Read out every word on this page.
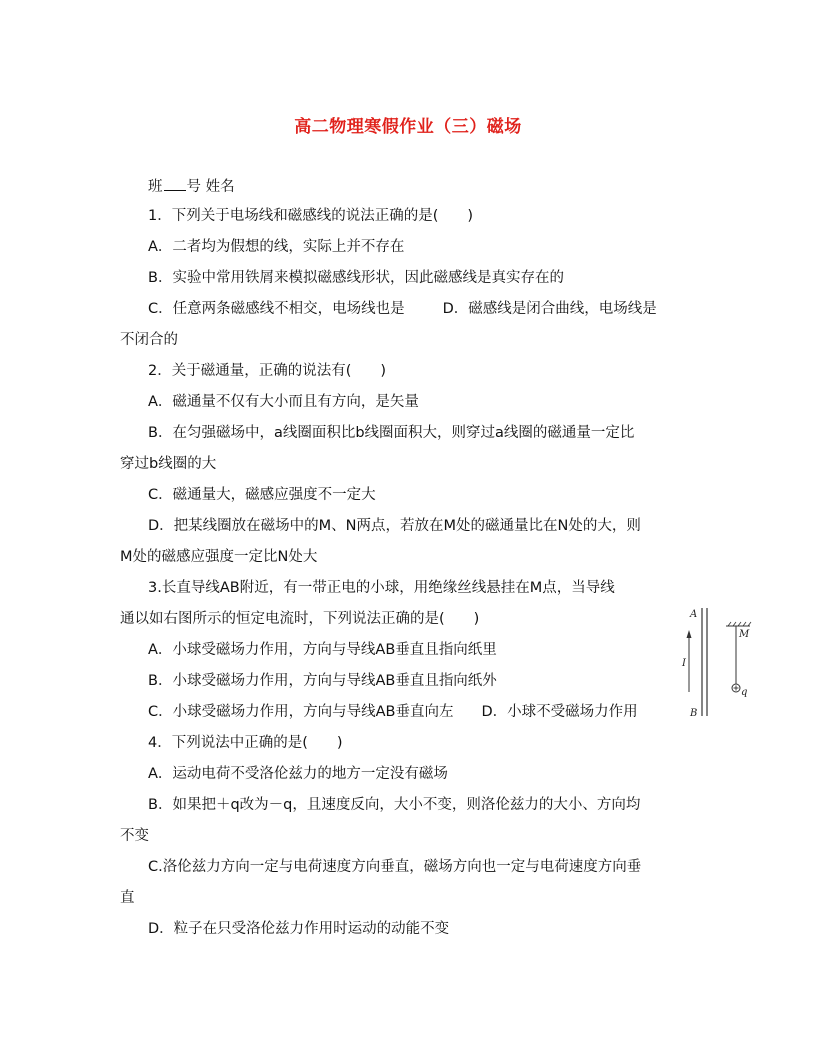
高二物理寒假作业（三）磁场
班 号 姓名
1．下列关于电场线和磁感线的说法正确的是(　　)
A．二者均为假想的线，实际上并不存在
B．实验中常用铁屑来模拟磁感线形状，因此磁感线是真实存在的
C．任意两条磁感线不相交，电场线也是	D．磁感线是闭合曲线，电场线是
不闭合的
2．关于磁通量，正确的说法有(　　)
A．磁通量不仅有大小而且有方向，是矢量
B．在匀强磁场中，a线圈面积比b线圈面积大，则穿过a线圈的磁通量一定比
穿过b线圈的大
C．磁通量大，磁感应强度不一定大
D．把某线圈放在磁场中的M、N两点，若放在M处的磁通量比在N处的大，则
M处的磁感应强度一定比N处大
3.长直导线AB附近，有一带正电的小球，用绝缘丝线悬挂在M点，当导线
通以如右图所示的恒定电流时，下列说法正确的是(　　)
A．小球受磁场力作用，方向与导线AB垂直且指向纸里
B．小球受磁场力作用，方向与导线AB垂直且指向纸外
C．小球受磁场力作用，方向与导线AB垂直向左 D．小球不受磁场力作用
A
B
I
M
q
4．下列说法中正确的是(　　)
A．运动电荷不受洛伦兹力的地方一定没有磁场
B．如果把＋q改为－q，且速度反向，大小不变，则洛伦兹力的大小、方向均
不变
C.洛伦兹力方向一定与电荷速度方向垂直，磁场方向也一定与电荷速度方向垂
直
D．粒子在只受洛伦兹力作用时运动的动能不变
